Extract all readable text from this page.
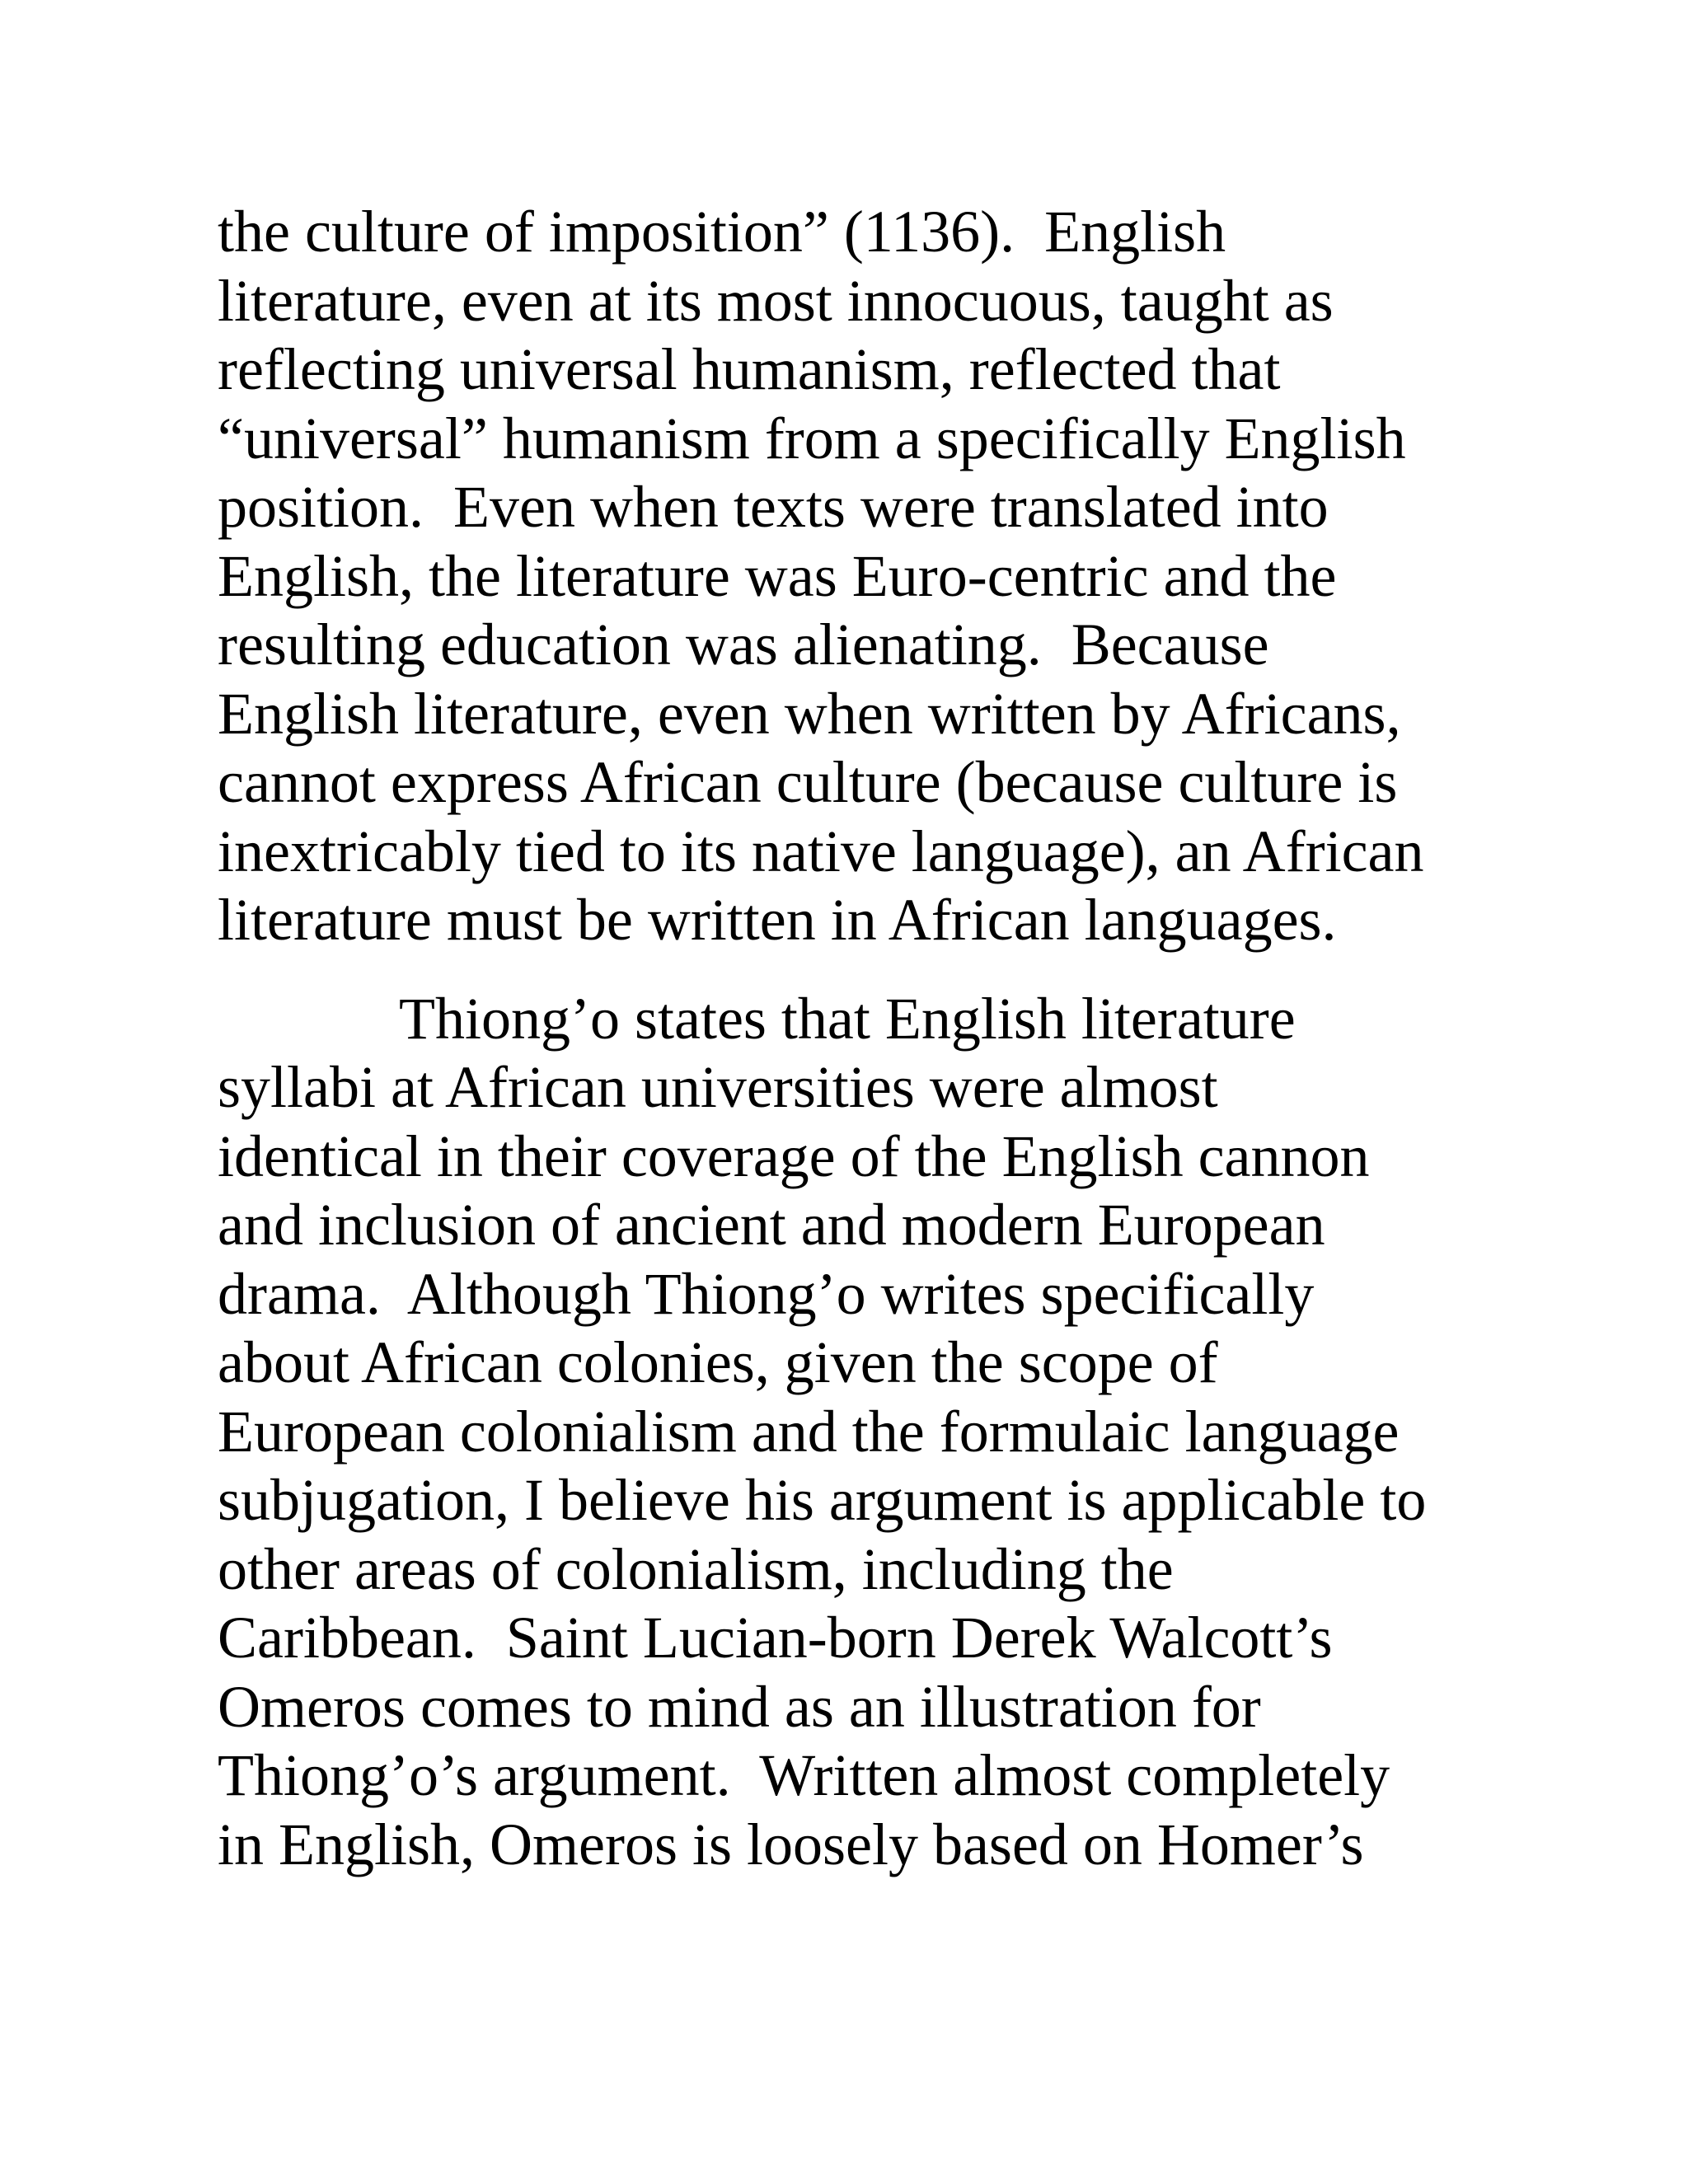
the culture of imposition” (1136).  English
literature, even at its most innocuous, taught as
reflecting universal humanism, reflected that
“universal” humanism from a specifically English
position.  Even when texts were translated into
English, the literature was Euro-centric and the
resulting education was alienating.  Because
English literature, even when written by Africans,
cannot express African culture (because culture is
inextricably tied to its native language), an African
literature must be written in African languages.
Thiong’o states that English literature
syllabi at African universities were almost
identical in their coverage of the English cannon
and inclusion of ancient and modern European
drama.  Although Thiong’o writes specifically
about African colonies, given the scope of
European colonialism and the formulaic language
subjugation, I believe his argument is applicable to
other areas of colonialism, including the
Caribbean.  Saint Lucian-born Derek Walcott’s
Omeros comes to mind as an illustration for
Thiong’o’s argument.  Written almost completely
in English, Omeros is loosely based on Homer’s
